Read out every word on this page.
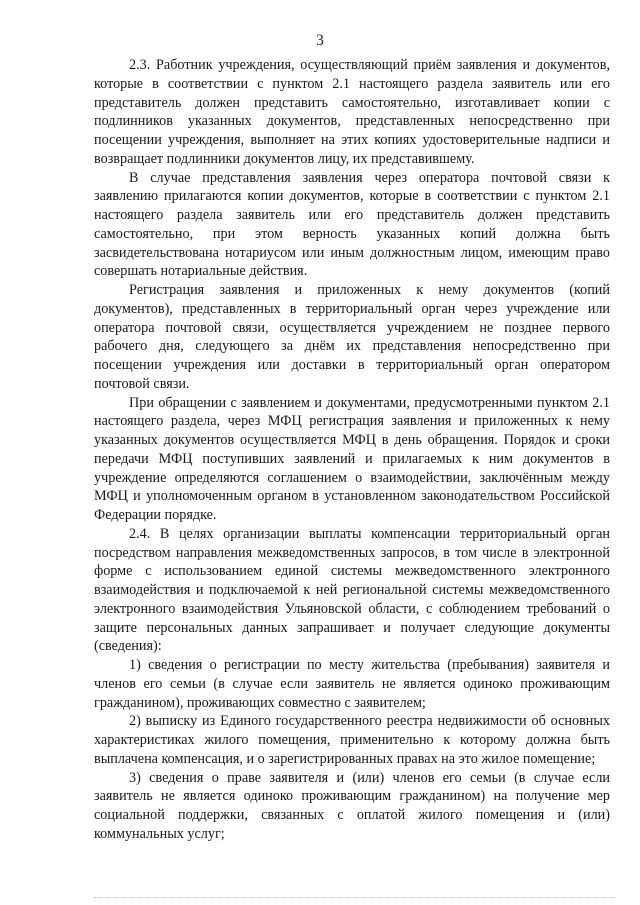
3

2.3. Работник учреждения, осуществляющий приём заявления и документов, которые в соответствии с пунктом 2.1 настоящего раздела заявитель или его представитель должен представить самостоятельно, изготавливает копии с подлинников указанных документов, представленных непосредственно при посещении учреждения, выполняет на этих копиях удостоверительные надписи и возвращает подлинники документов лицу, их представившему.

В случае представления заявления через оператора почтовой связи к заявлению прилагаются копии документов, которые в соответствии с пунктом 2.1 настоящего раздела заявитель или его представитель должен представить самостоятельно, при этом верность указанных копий должна быть засвидетельствована нотариусом или иным должностным лицом, имеющим право совершать нотариальные действия.

Регистрация заявления и приложенных к нему документов (копий документов), представленных в территориальный орган через учреждение или оператора почтовой связи, осуществляется учреждением не позднее первого рабочего дня, следующего за днём их представления непосредственно при посещении учреждения или доставки в территориальный орган оператором почтовой связи.

При обращении с заявлением и документами, предусмотренными пунктом 2.1 настоящего раздела, через МФЦ регистрация заявления и приложенных к нему указанных документов осуществляется МФЦ в день обращения. Порядок и сроки передачи МФЦ поступивших заявлений и прилагаемых к ним документов в учреждение определяются соглашением о взаимодействии, заключённым между МФЦ и уполномоченным органом в установленном законодательством Российской Федерации порядке.

2.4. В целях организации выплаты компенсации территориальный орган посредством направления межведомственных запросов, в том числе в электронной форме с использованием единой системы межведомственного электронного взаимодействия и подключаемой к ней региональной системы межведомственного электронного взаимодействия Ульяновской области, с соблюдением требований о защите персональных данных запрашивает и получает следующие документы (сведения):

1) сведения о регистрации по месту жительства (пребывания) заявителя и членов его семьи (в случае если заявитель не является одиноко проживающим гражданином), проживающих совместно с заявителем;

2) выписку из Единого государственного реестра недвижимости об основных характеристиках жилого помещения, применительно к которому должна быть выплачена компенсация, и о зарегистрированных правах на это жилое помещение;

3) сведения о праве заявителя и (или) членов его семьи (в случае если заявитель не является одиноко проживающим гражданином) на получение мер социальной поддержки, связанных с оплатой жилого помещения и (или) коммунальных услуг;
